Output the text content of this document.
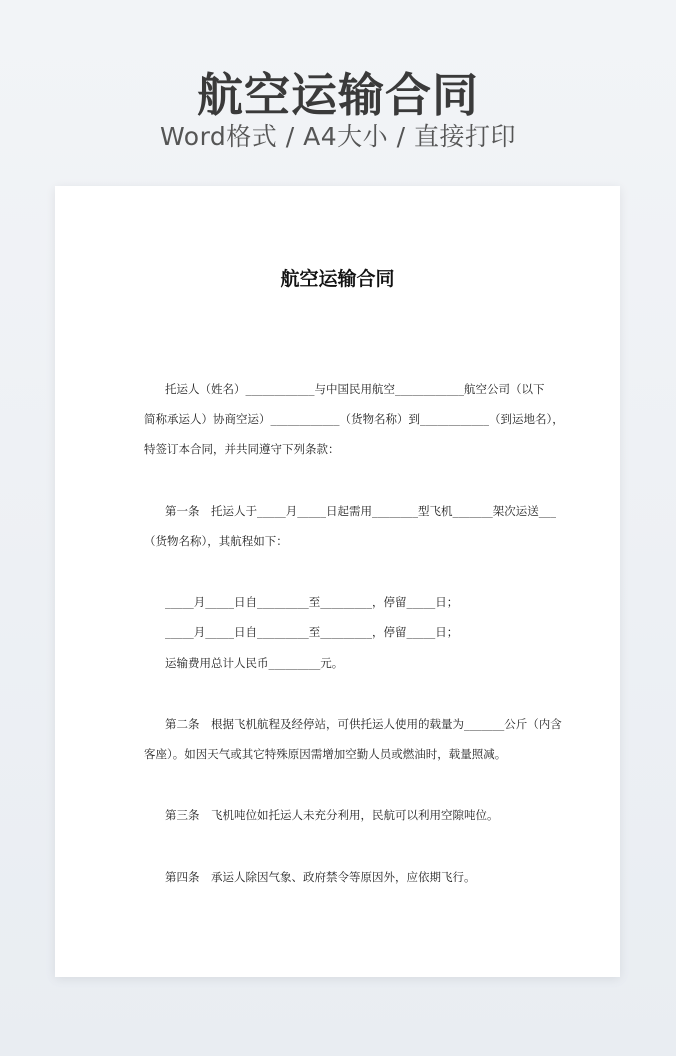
航空运输合同
Word格式 / A4大小 / 直接打印
航空运输合同
托运人（姓名）____________与中国民用航空____________航空公司（以下
简称承运人）协商空运）____________（货物名称）到____________（到运地名），
特签订本合同，并共同遵守下列条款：
第一条　托运人于_____月_____日起需用________型飞机_______架次运送___
（货物名称），其航程如下：
_____月_____日自_________至_________，停留_____日；
_____月_____日自_________至_________，停留_____日；
运输费用总计人民币_________元。
第二条　根据飞机航程及经停站，可供托运人使用的载量为_______公斤（内含
客座）。如因天气或其它特殊原因需增加空勤人员或燃油时，载量照减。
第三条　飞机吨位如托运人未充分利用，民航可以利用空隙吨位。
第四条　承运人除因气象、政府禁令等原因外，应依期飞行。
